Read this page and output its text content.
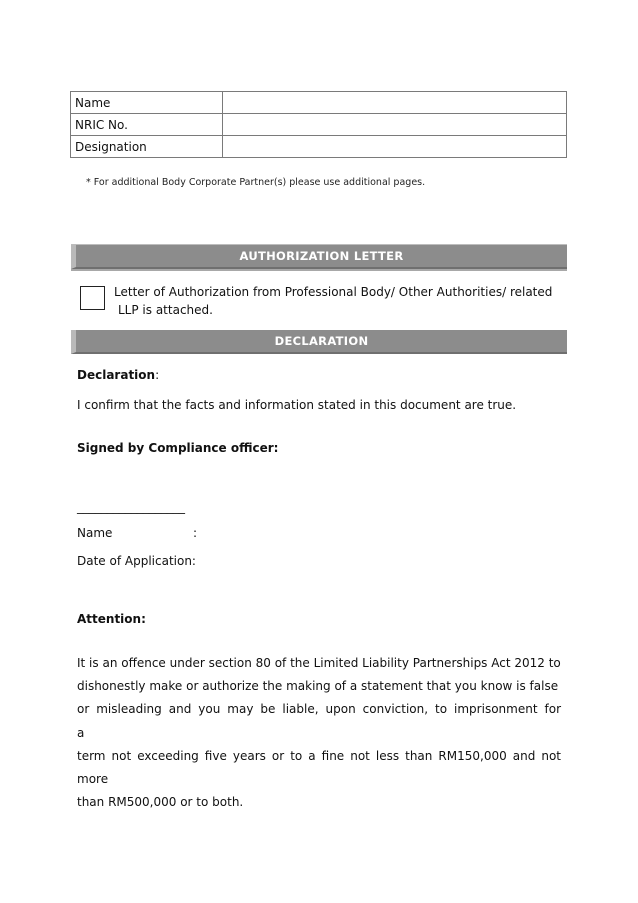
Name	
NRIC No.	
Designation	
* For additional Body Corporate Partner(s) please use additional pages.
AUTHORIZATION LETTER
Letter of Authorization from Professional Body/ Other Authorities/ related
LLP is attached.
DECLARATION
Declaration:
I confirm that the facts and information stated in this document are true.
Signed by Compliance officer:
__________________
Name	:
Date of Application:
Attention:
It is an offence under section 80 of the Limited Liability Partnerships Act 2012 to
dishonestly make or authorize the making of a statement that you know is false
or misleading and you may be liable, upon conviction, to imprisonment for a
term not exceeding five years or to a fine not less than RM150,000 and not more
than RM500,000 or to both.
